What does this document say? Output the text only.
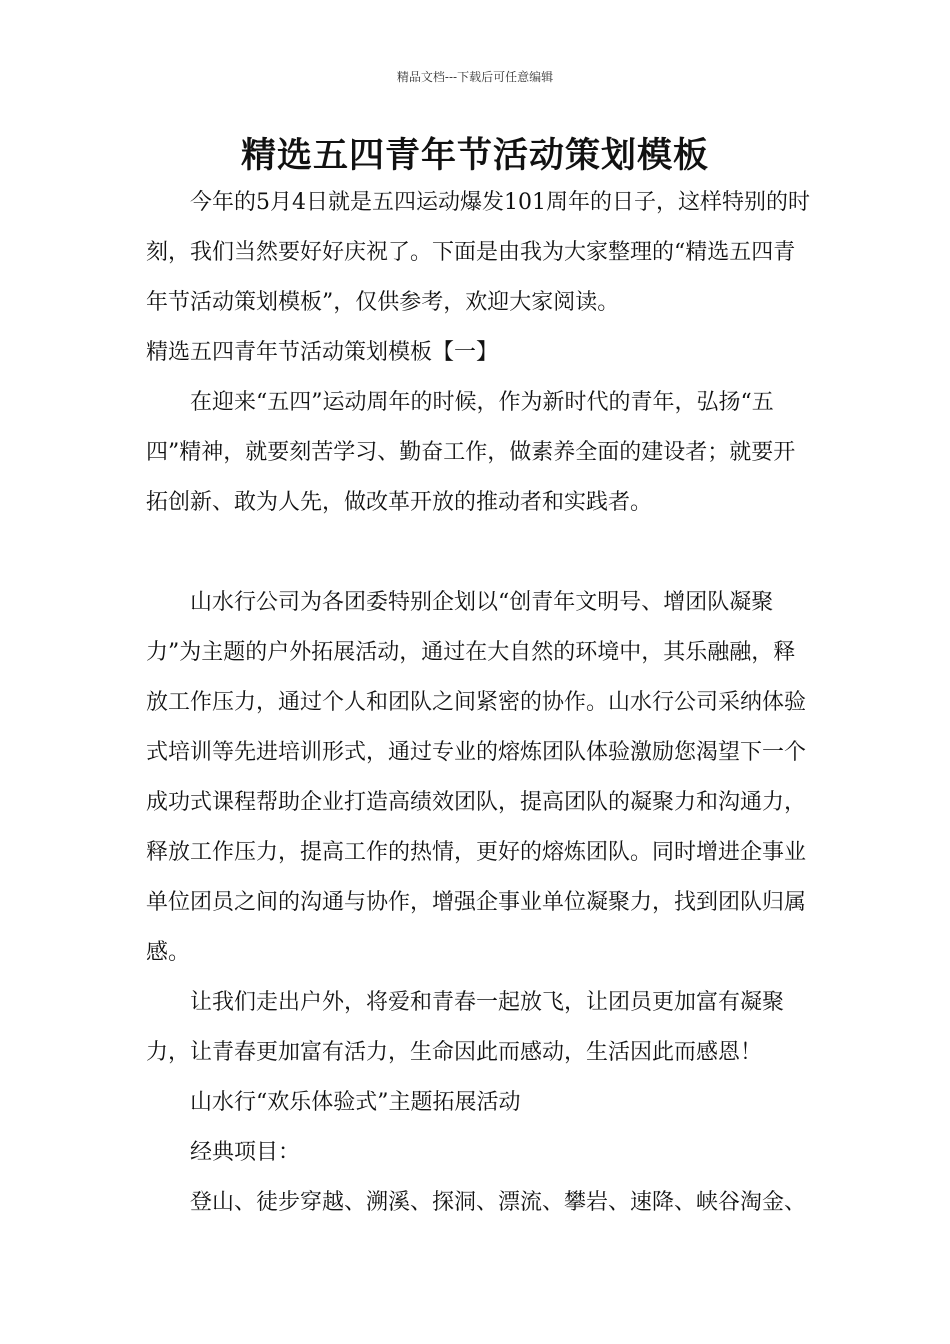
精品文档---下载后可任意编辑
精选五四青年节活动策划模板

今年的5月4日就是五四运动爆发101周年的日子，这样特别的时刻，我们当然要好好庆祝了。下面是由我为大家整理的“精选五四青年节活动策划模板”，仅供参考，欢迎大家阅读。

精选五四青年节活动策划模板【一】

在迎来“五四”运动周年的时候，作为新时代的青年，弘扬“五四”精神，就要刻苦学习、勤奋工作，做素养全面的建设者；就要开拓创新、敢为人先，做改革开放的推动者和实践者。

山水行公司为各团委特别企划以“创青年文明号、增团队凝聚力”为主题的户外拓展活动，通过在大自然的环境中，其乐融融，释放工作压力，通过个人和团队之间紧密的协作。山水行公司采纳体验式培训等先进培训形式，通过专业的熔炼团队体验激励您渴望下一个成功式课程帮助企业打造高绩效团队，提高团队的凝聚力和沟通力，释放工作压力，提高工作的热情，更好的熔炼团队。同时增进企事业单位团员之间的沟通与协作，增强企事业单位凝聚力，找到团队归属感。

让我们走出户外，将爱和青春一起放飞，让团员更加富有凝聚力，让青春更加富有活力，生命因此而感动，生活因此而感恩！

山水行“欢乐体验式”主题拓展活动

经典项目：

登山、徒步穿越、溯溪、探洞、漂流、攀岩、速降、峡谷淘金、
